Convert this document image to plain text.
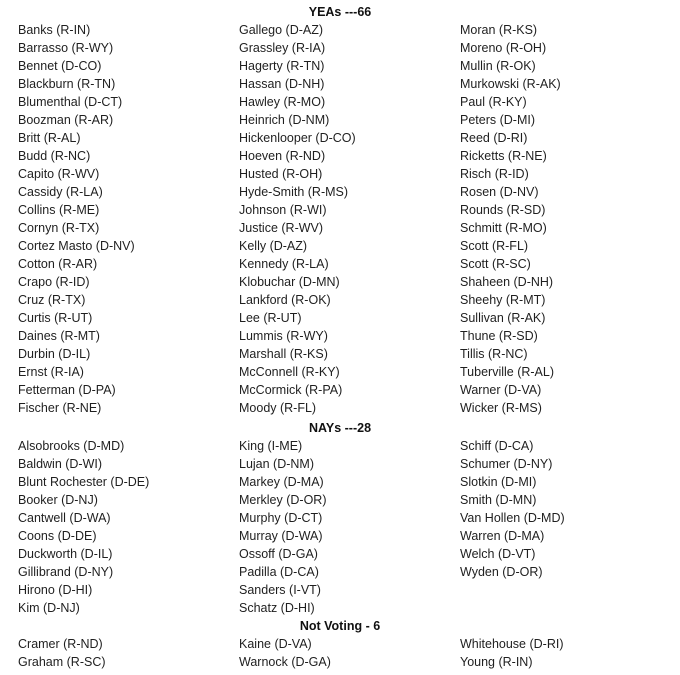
YEAs ---66
Banks (R-IN)
Barrasso (R-WY)
Bennet (D-CO)
Blackburn (R-TN)
Blumenthal (D-CT)
Boozman (R-AR)
Britt (R-AL)
Budd (R-NC)
Capito (R-WV)
Cassidy (R-LA)
Collins (R-ME)
Cornyn (R-TX)
Cortez Masto (D-NV)
Cotton (R-AR)
Crapo (R-ID)
Cruz (R-TX)
Curtis (R-UT)
Daines (R-MT)
Durbin (D-IL)
Ernst (R-IA)
Fetterman (D-PA)
Fischer (R-NE)
Gallego (D-AZ)
Grassley (R-IA)
Hagerty (R-TN)
Hassan (D-NH)
Hawley (R-MO)
Heinrich (D-NM)
Hickenlooper (D-CO)
Hoeven (R-ND)
Husted (R-OH)
Hyde-Smith (R-MS)
Johnson (R-WI)
Justice (R-WV)
Kelly (D-AZ)
Kennedy (R-LA)
Klobuchar (D-MN)
Lankford (R-OK)
Lee (R-UT)
Lummis (R-WY)
Marshall (R-KS)
McConnell (R-KY)
McCormick (R-PA)
Moody (R-FL)
Moran (R-KS)
Moreno (R-OH)
Mullin (R-OK)
Murkowski (R-AK)
Paul (R-KY)
Peters (D-MI)
Reed (D-RI)
Ricketts (R-NE)
Risch (R-ID)
Rosen (D-NV)
Rounds (R-SD)
Schmitt (R-MO)
Scott (R-FL)
Scott (R-SC)
Shaheen (D-NH)
Sheehy (R-MT)
Sullivan (R-AK)
Thune (R-SD)
Tillis (R-NC)
Tuberville (R-AL)
Warner (D-VA)
Wicker (R-MS)
NAYs ---28
Alsobrooks (D-MD)
Baldwin (D-WI)
Blunt Rochester (D-DE)
Booker (D-NJ)
Cantwell (D-WA)
Coons (D-DE)
Duckworth (D-IL)
Gillibrand (D-NY)
Hirono (D-HI)
Kim (D-NJ)
King (I-ME)
Lujan (D-NM)
Markey (D-MA)
Merkley (D-OR)
Murphy (D-CT)
Murray (D-WA)
Ossoff (D-GA)
Padilla (D-CA)
Sanders (I-VT)
Schatz (D-HI)
Schiff (D-CA)
Schumer (D-NY)
Slotkin (D-MI)
Smith (D-MN)
Van Hollen (D-MD)
Warren (D-MA)
Welch (D-VT)
Wyden (D-OR)
Not Voting - 6
Cramer (R-ND)
Graham (R-SC)
Kaine (D-VA)
Warnock (D-GA)
Whitehouse (D-RI)
Young (R-IN)
